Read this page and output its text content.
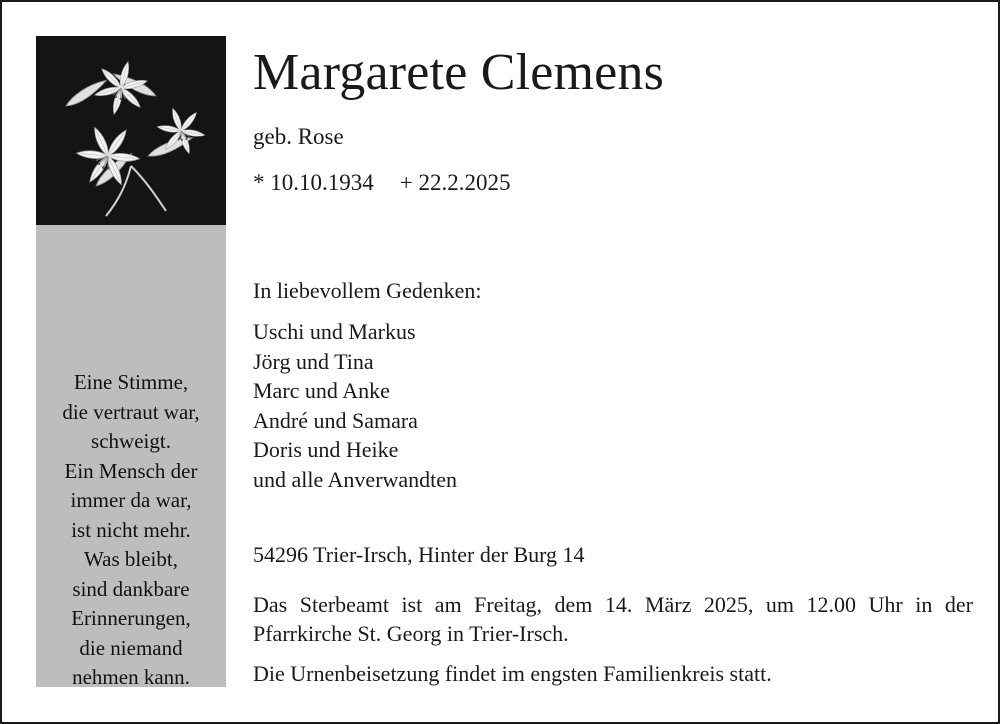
Eine Stimme,
die vertraut war,
schweigt.
Ein Mensch der
immer da war,
ist nicht mehr.
Was bleibt,
sind dankbare
Erinnerungen,
die niemand
nehmen kann.
Margarete Clemens
geb. Rose
* 10.10.1934 + 22.2.2025
In liebevollem Gedenken:
Uschi und Markus
Jörg und Tina
Marc und Anke
André und Samara
Doris und Heike
und alle Anverwandten
54296 Trier-Irsch, Hinter der Burg 14
Das Sterbeamt ist am Freitag, dem 14. März 2025, um 12.00 Uhr in der Pfarrkirche St. Georg in Trier-Irsch.
Die Urnenbeisetzung findet im engsten Familienkreis statt.
